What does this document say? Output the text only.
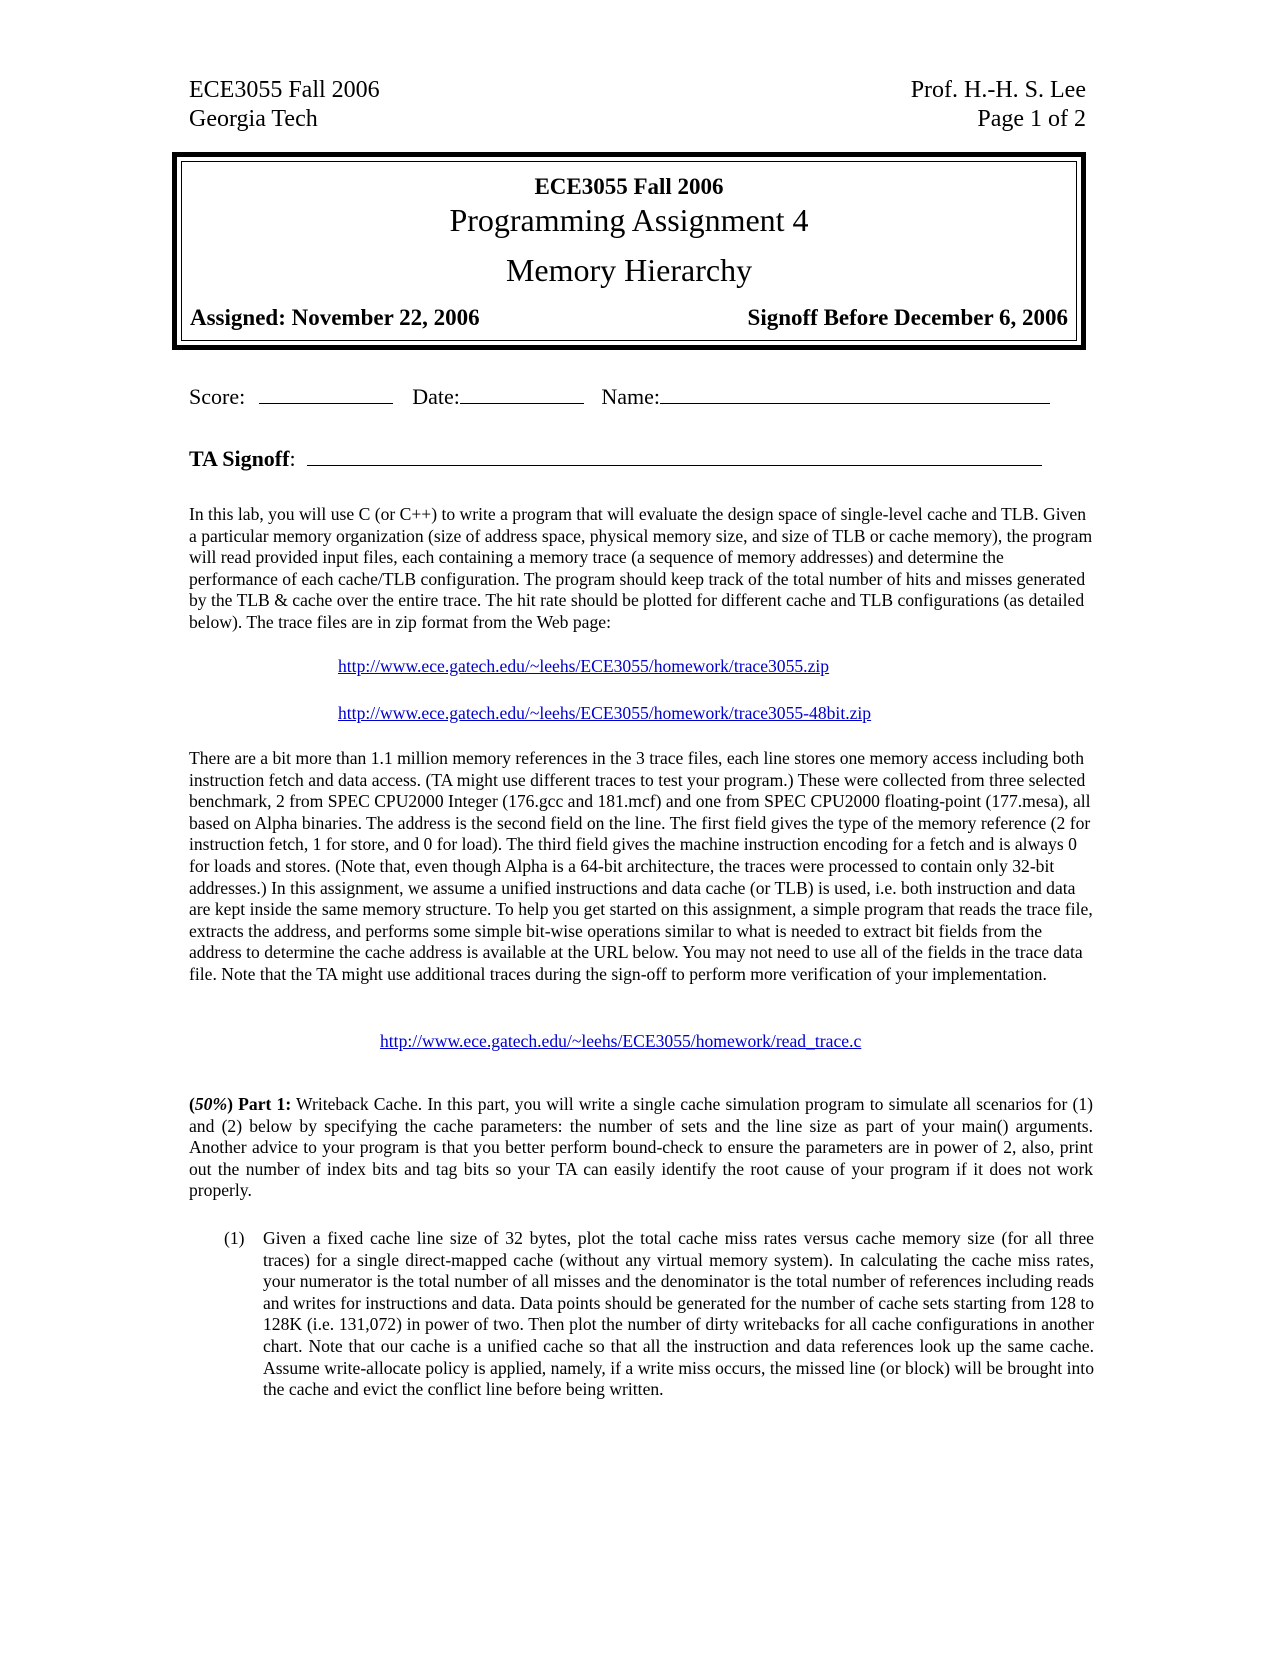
ECE3055 Fall 2006
Georgia Tech
Prof. H.-H. S. Lee
Page 1 of 2
ECE3055 Fall 2006
Programming Assignment 4
Memory Hierarchy
Assigned: November 22, 2006	Signoff Before December 6, 2006
Score:	Date:	Name:
TA Signoff:
In this lab, you will use C (or C++) to write a program that will evaluate the design space of single-level cache and TLB. Given a particular memory organization (size of address space, physical memory size, and size of TLB or cache memory), the program will read provided input files, each containing a memory trace (a sequence of memory addresses) and determine the performance of each cache/TLB configuration. The program should keep track of the total number of hits and misses generated by the TLB & cache over the entire trace. The hit rate should be plotted for different cache and TLB configurations (as detailed below). The trace files are in zip format from the Web page:
http://www.ece.gatech.edu/~leehs/ECE3055/homework/trace3055.zip
http://www.ece.gatech.edu/~leehs/ECE3055/homework/trace3055-48bit.zip
There are a bit more than 1.1 million memory references in the 3 trace files, each line stores one memory access including both instruction fetch and data access. (TA might use different traces to test your program.) These were collected from three selected benchmark, 2 from SPEC CPU2000 Integer (176.gcc and 181.mcf) and one from SPEC CPU2000 floating-point (177.mesa), all based on Alpha binaries. The address is the second field on the line. The first field gives the type of the memory reference (2 for instruction fetch, 1 for store, and 0 for load). The third field gives the machine instruction encoding for a fetch and is always 0 for loads and stores. (Note that, even though Alpha is a 64-bit architecture, the traces were processed to contain only 32-bit addresses.) In this assignment, we assume a unified instructions and data cache (or TLB) is used, i.e. both instruction and data are kept inside the same memory structure. To help you get started on this assignment, a simple program that reads the trace file, extracts the address, and performs some simple bit-wise operations similar to what is needed to extract bit fields from the address to determine the cache address is available at the URL below. You may not need to use all of the fields in the trace data file. Note that the TA might use additional traces during the sign-off to perform more verification of your implementation.
http://www.ece.gatech.edu/~leehs/ECE3055/homework/read_trace.c
(50%) Part 1: Writeback Cache. In this part, you will write a single cache simulation program to simulate all scenarios for (1) and (2) below by specifying the cache parameters: the number of sets and the line size as part of your main() arguments. Another advice to your program is that you better perform bound-check to ensure the parameters are in power of 2, also, print out the number of index bits and tag bits so your TA can easily identify the root cause of your program if it does not work properly.
(1) Given a fixed cache line size of 32 bytes, plot the total cache miss rates versus cache memory size (for all three traces) for a single direct-mapped cache (without any virtual memory system). In calculating the cache miss rates, your numerator is the total number of all misses and the denominator is the total number of references including reads and writes for instructions and data. Data points should be generated for the number of cache sets starting from 128 to 128K (i.e. 131,072) in power of two. Then plot the number of dirty writebacks for all cache configurations in another chart. Note that our cache is a unified cache so that all the instruction and data references look up the same cache. Assume write-allocate policy is applied, namely, if a write miss occurs, the missed line (or block) will be brought into the cache and evict the conflict line before being written.
